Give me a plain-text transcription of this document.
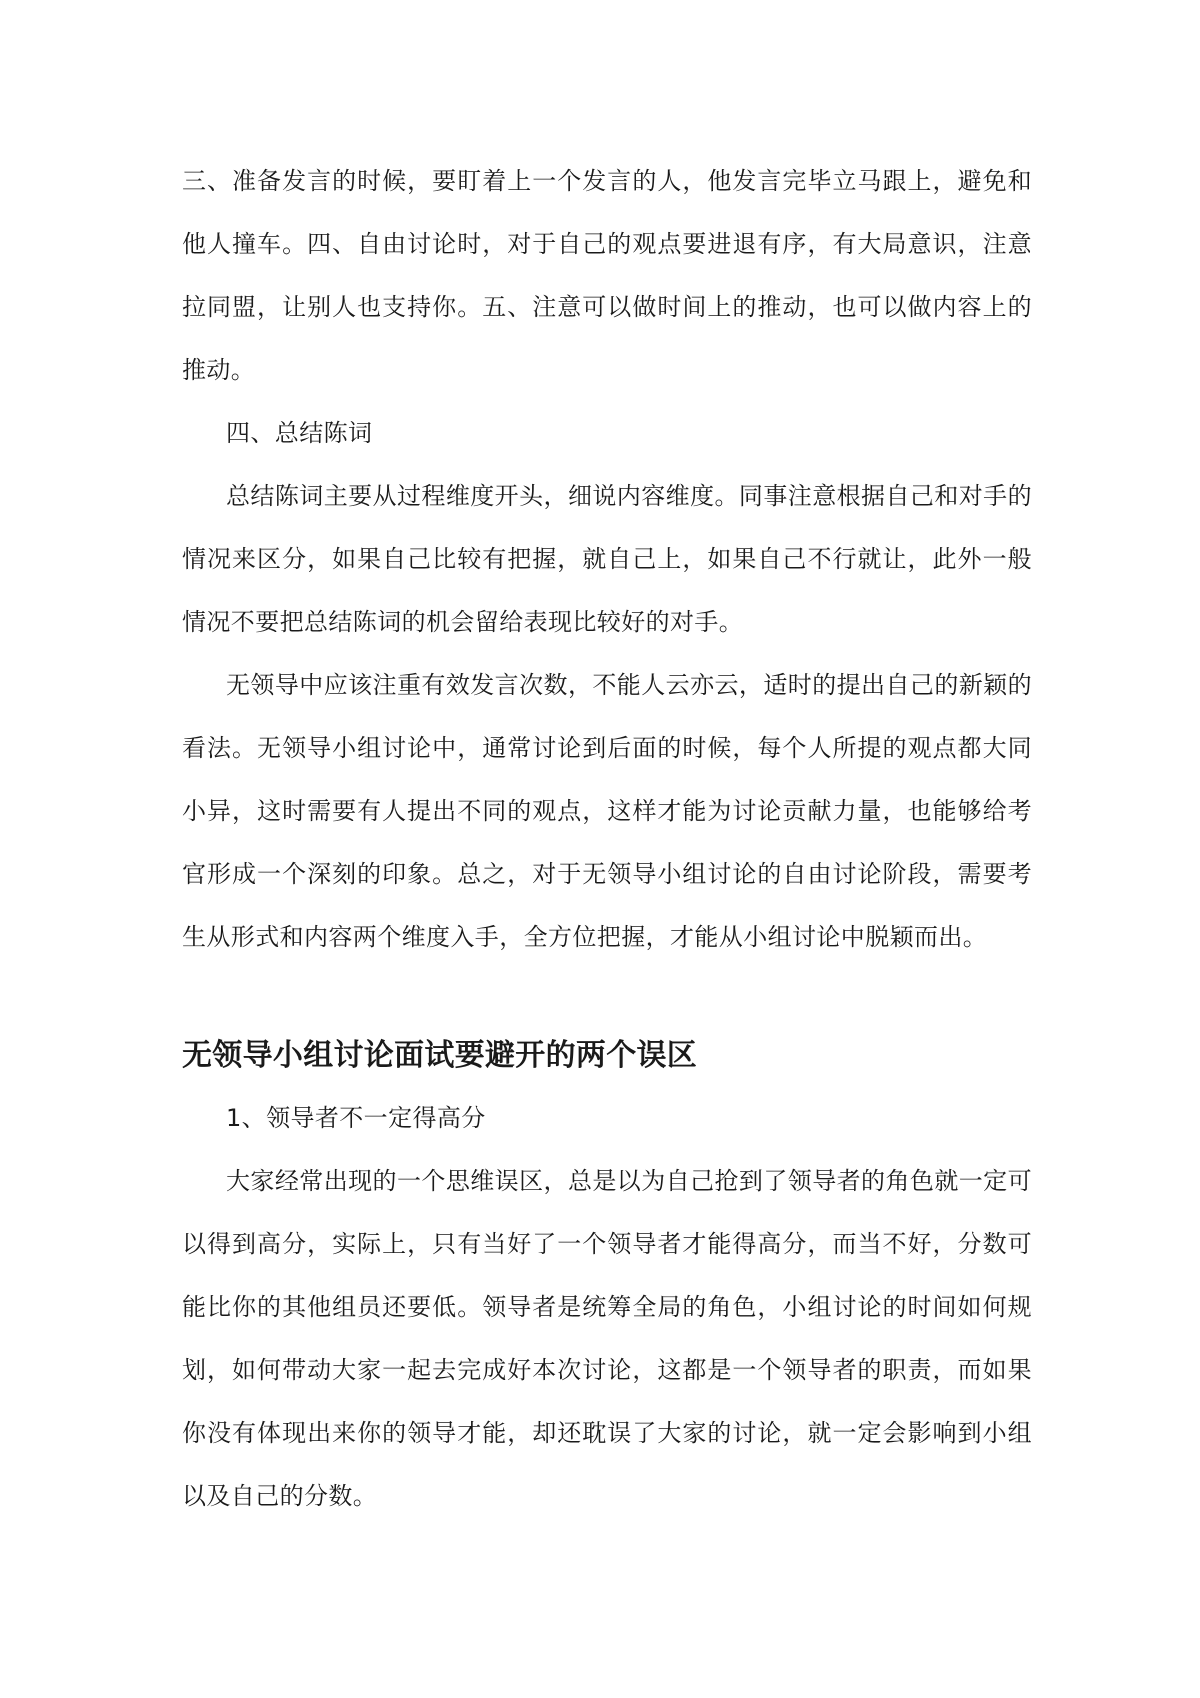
三、准备发言的时候，要盯着上一个发言的人，他发言完毕立马跟上，避免和他人撞车。四、自由讨论时，对于自己的观点要进退有序，有大局意识，注意拉同盟，让别人也支持你。五、注意可以做时间上的推动，也可以做内容上的推动。

四、总结陈词

总结陈词主要从过程维度开头，细说内容维度。同事注意根据自己和对手的情况来区分，如果自己比较有把握，就自己上，如果自己不行就让，此外一般情况不要把总结陈词的机会留给表现比较好的对手。

无领导中应该注重有效发言次数，不能人云亦云，适时的提出自己的新颖的看法。无领导小组讨论中，通常讨论到后面的时候，每个人所提的观点都大同小异，这时需要有人提出不同的观点，这样才能为讨论贡献力量，也能够给考官形成一个深刻的印象。总之，对于无领导小组讨论的自由讨论阶段，需要考生从形式和内容两个维度入手，全方位把握，才能从小组讨论中脱颖而出。

无领导小组讨论面试要避开的两个误区

1、领导者不一定得高分

大家经常出现的一个思维误区，总是以为自己抢到了领导者的角色就一定可以得到高分，实际上，只有当好了一个领导者才能得高分，而当不好，分数可能比你的其他组员还要低。领导者是统筹全局的角色，小组讨论的时间如何规划，如何带动大家一起去完成好本次讨论，这都是一个领导者的职责，而如果你没有体现出来你的领导才能，却还耽误了大家的讨论，就一定会影响到小组以及自己的分数。
